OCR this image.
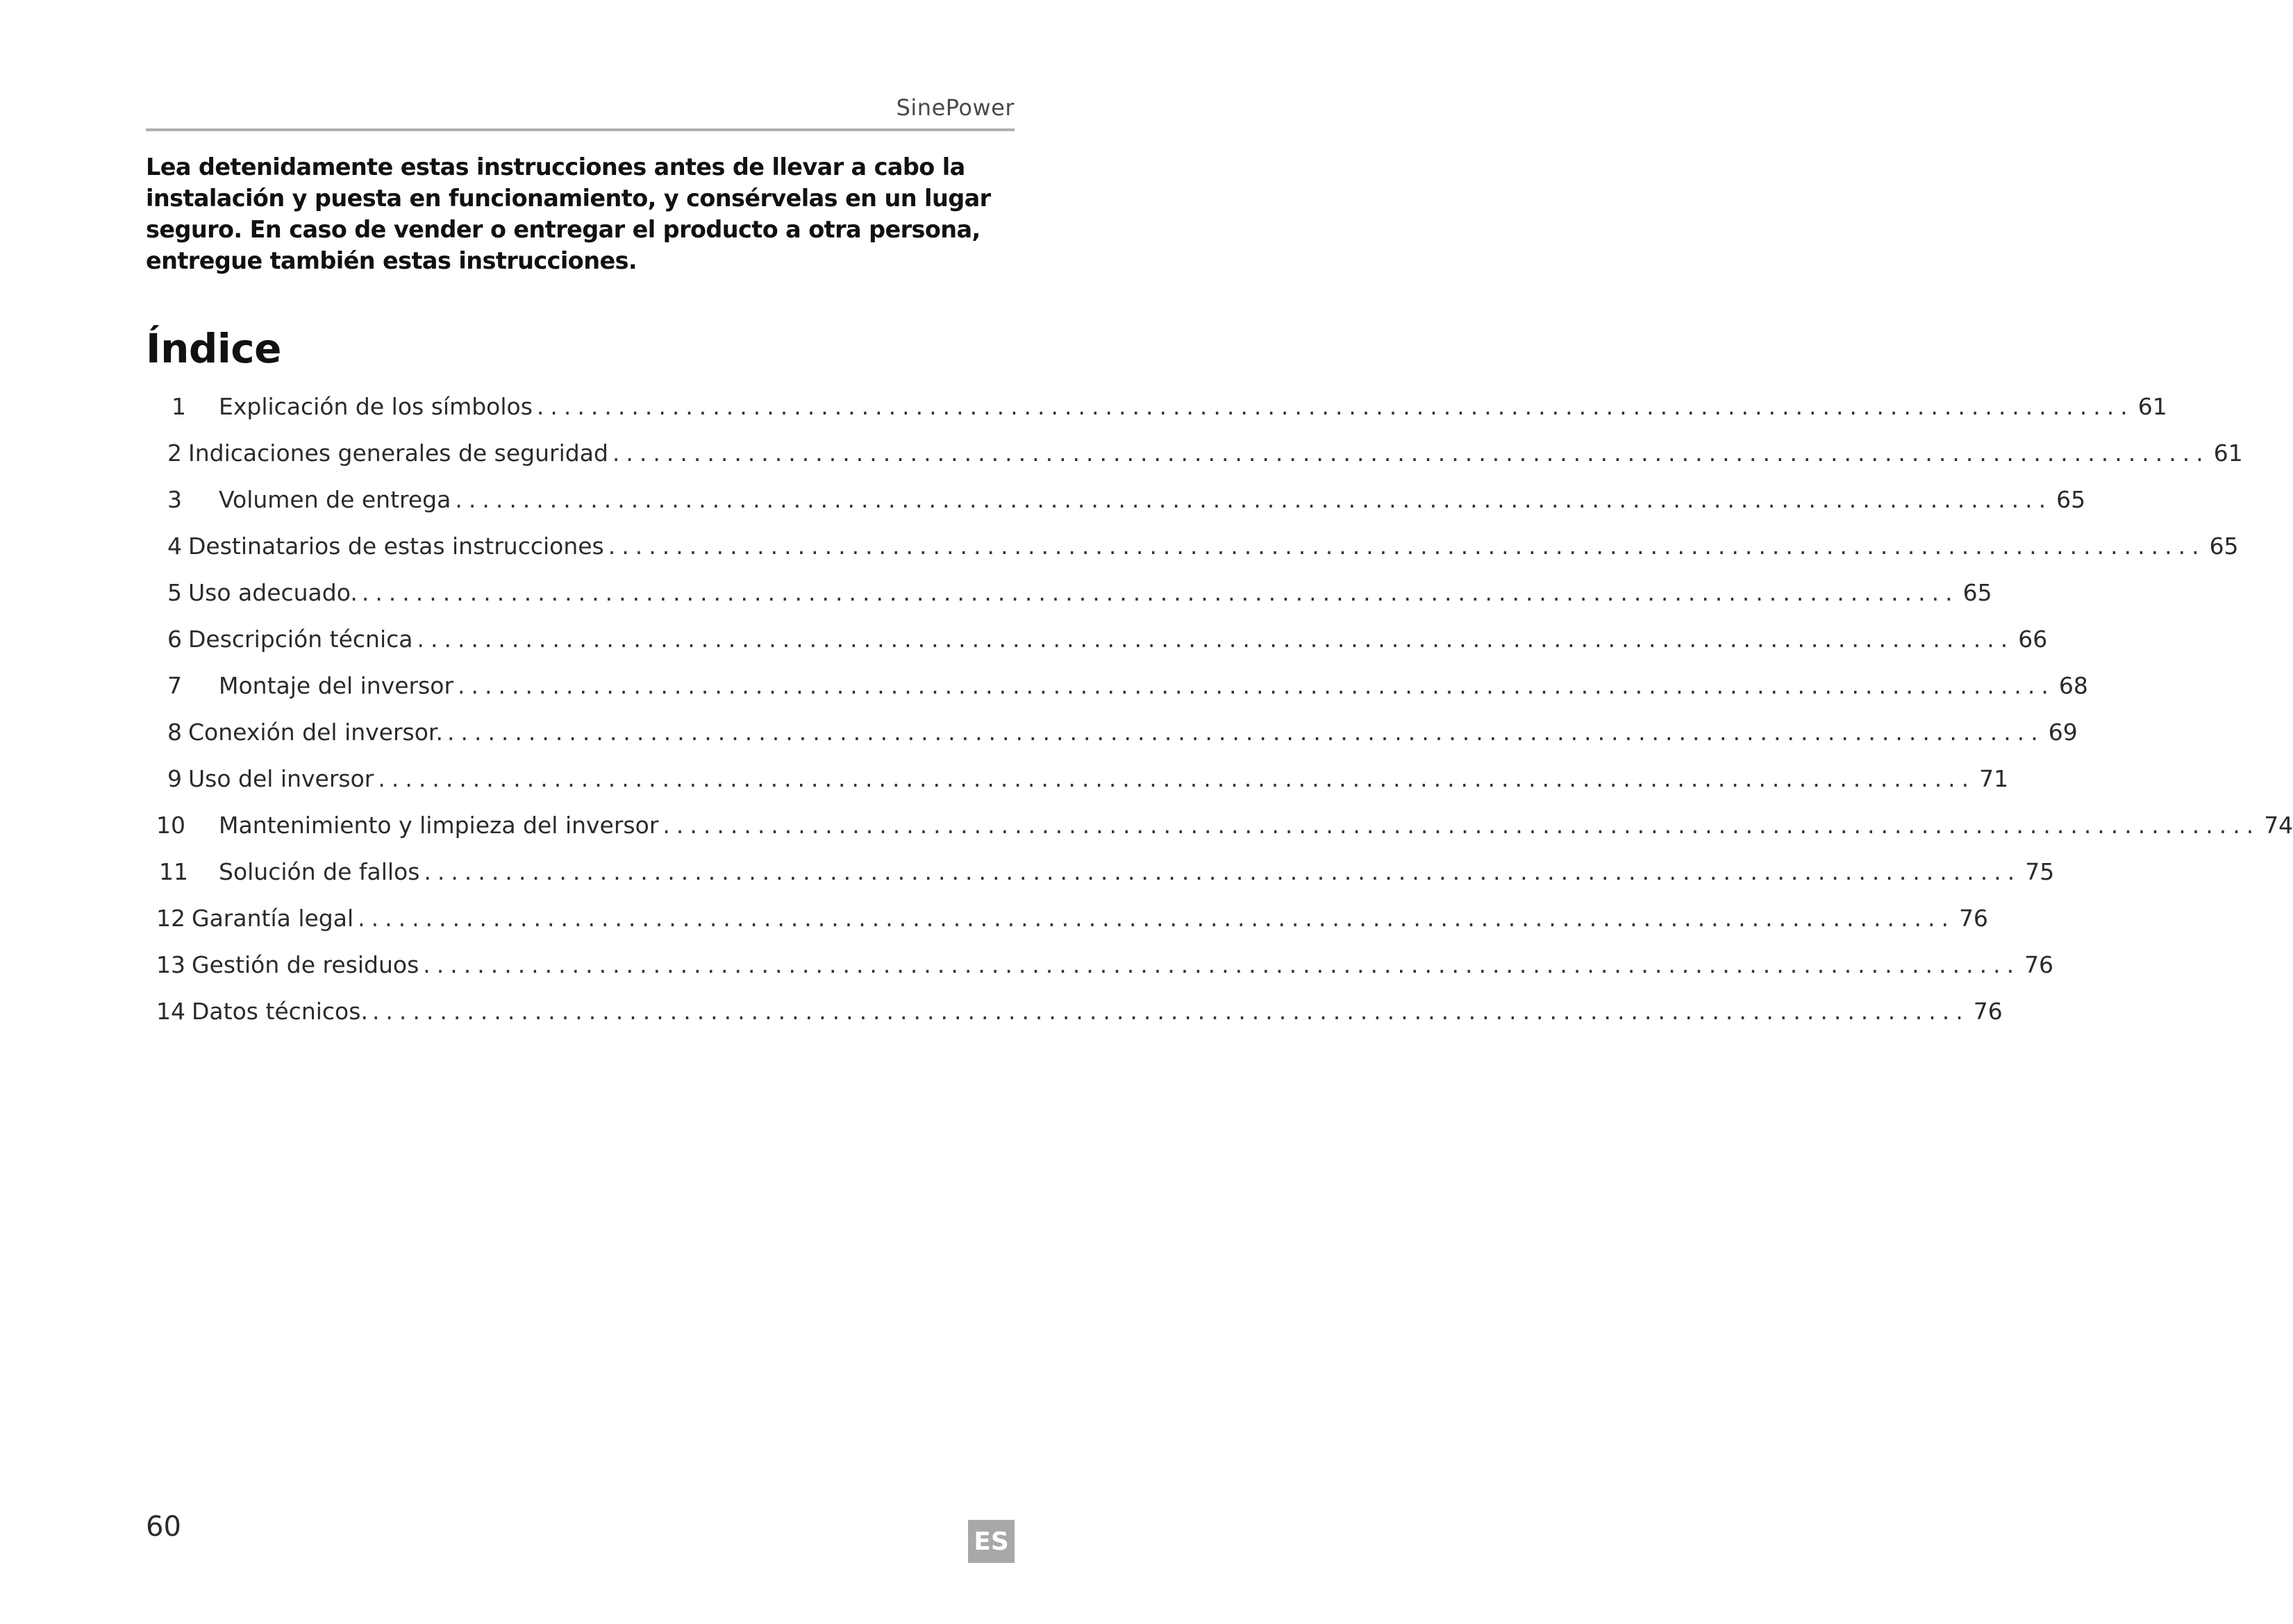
SinePower
Lea detenidamente estas instrucciones antes de llevar a cabo la instalación y puesta en funcionamiento, y consérvelas en un lugar seguro. En caso de vender o entregar el producto a otra persona, entregue también estas instrucciones.
Índice
1	Explicación de los símbolos ...................................................................................................................... 61
2 Indicaciones generales de seguridad ...................................................................................................................... 61
3	Volumen de entrega ...................................................................................................................... 65
4 Destinatarios de estas instrucciones ...................................................................................................................... 65
5 Uso adecuado. ...................................................................................................................... 65
6 Descripción técnica ...................................................................................................................... 66
7	Montaje del inversor ...................................................................................................................... 68
8 Conexión del inversor. ...................................................................................................................... 69
9 Uso del inversor ...................................................................................................................... 71
10	Mantenimiento y limpieza del inversor ...................................................................................................................... 74
11	Solución de fallos ...................................................................................................................... 75
12 Garantía legal ...................................................................................................................... 76
13 Gestión de residuos ...................................................................................................................... 76
14 Datos técnicos. ...................................................................................................................... 76
60	ES
